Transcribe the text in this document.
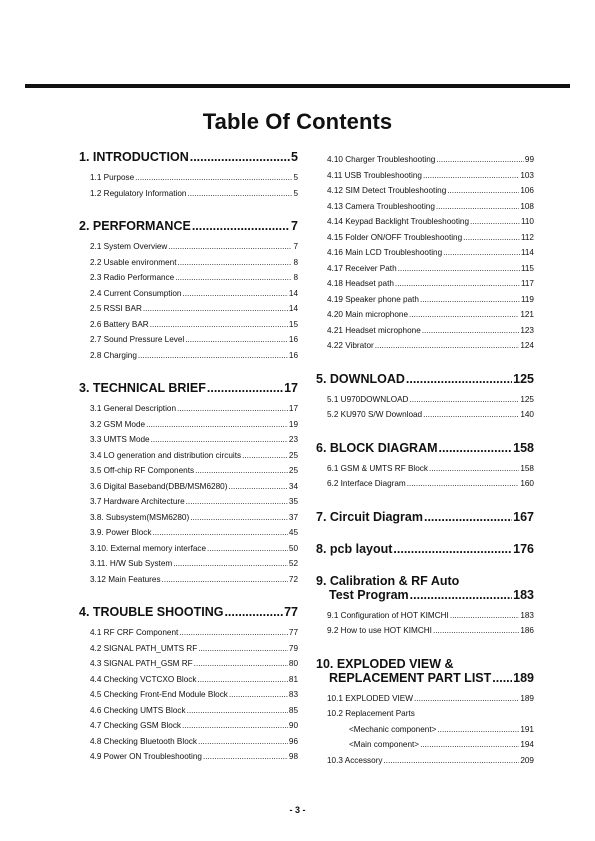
Table Of Contents
1. INTRODUCTION .....	5
1.1 Purpose .....	5
1.2 Regulatory Information .....	5
2. PERFORMANCE .....	7
2.1 System Overview .....	7
2.2 Usable environment .....	8
2.3 Radio Performance .....	8
2.4 Current Consumption .....	14
2.5 RSSI BAR .....	14
2.6 Battery BAR .....	15
2.7 Sound Pressure Level .....	16
2.8 Charging .....	16
3. TECHNICAL BRIEF .....	17
3.1 General Description .....	17
3.2 GSM Mode .....	19
3.3 UMTS Mode .....	23
3.4 LO generation and distribution circuits .....	25
3.5 Off-chip RF Components .....	25
3.6 Digital Baseband(DBB/MSM6280) .....	34
3.7 Hardware Architecture .....	35
3.8. Subsystem(MSM6280) .....	37
3.9. Power Block .....	45
3.10. External memory interface .....	50
3.11. H/W Sub System .....	52
3.12 Main Features .....	72
4. TROUBLE SHOOTING .....	77
4.1 RF CRF Component .....	77
4.2 SIGNAL PATH_UMTS RF .....	79
4.3 SIGNAL PATH_GSM RF .....	80
4.4 Checking VCTCXO Block .....	81
4.5 Checking Front-End Module Block .....	83
4.6 Checking UMTS Block .....	85
4.7 Checking GSM Block .....	90
4.8 Checking Bluetooth Block .....	96
4.9 Power ON Troubleshooting .....	98
4.10 Charger Troubleshooting .....	99
4.11 USB Troubleshooting .....	103
4.12 SIM Detect Troubleshooting .....	106
4.13 Camera Troubleshooting .....	108
4.14 Keypad Backlight Troubleshooting .....	110
4.15 Folder ON/OFF Troubleshooting .....	112
4.16 Main LCD Troubleshooting .....	114
4.17 Receiver Path .....	115
4.18 Headset path .....	117
4.19 Speaker phone path .....	119
4.20 Main microphone .....	121
4.21 Headset microphone .....	123
4.22 Vibrator .....	124
5. DOWNLOAD .....	125
5.1 U970DOWNLOAD .....	125
5.2 KU970 S/W Download .....	140
6. BLOCK DIAGRAM .....	158
6.1 GSM & UMTS RF Block .....	158
6.2 Interface Diagram .....	160
7. Circuit Diagram .....	167
8. pcb layout .....	176
9. Calibration & RF Auto
Test Program .....	183
9.1 Configuration of HOT KIMCHI .....	183
9.2 How to use HOT KIMCHI .....	186
10. EXPLODED VIEW &
REPLACEMENT PART LIST ..... 189
10.1 EXPLODED VIEW .....	189
10.2 Replacement Parts
<Mechanic component> .....	191
<Main component> .....	194
10.3 Accessory .....	209
- 3 -
